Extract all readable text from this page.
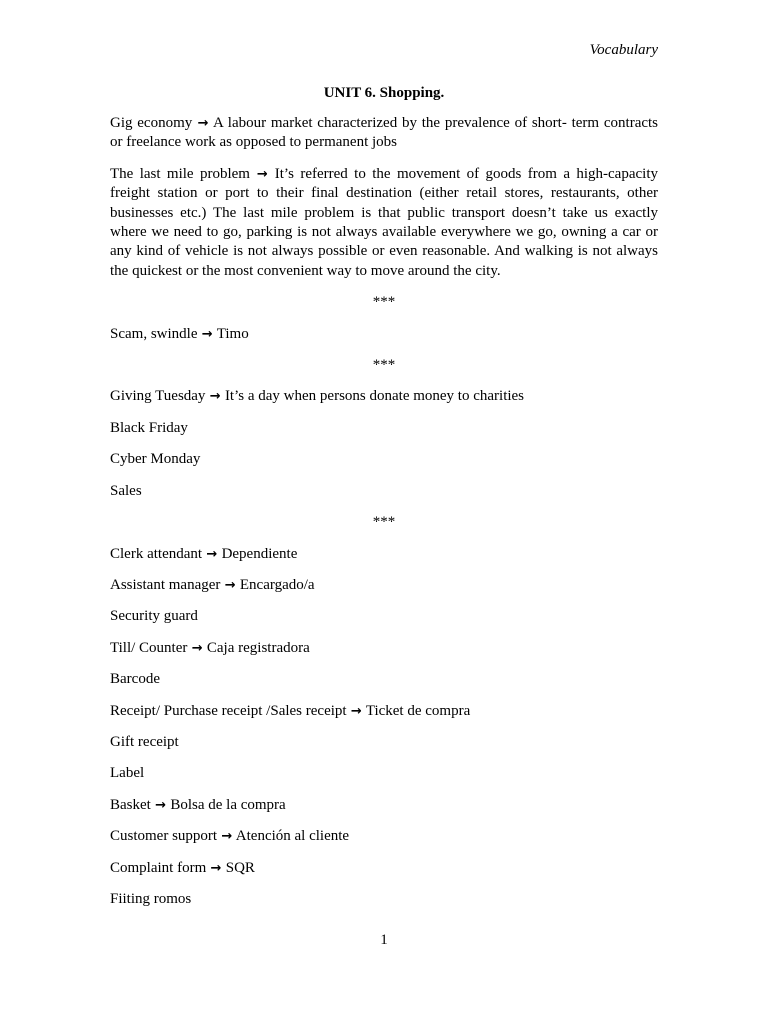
Vocabulary
UNIT 6. Shopping.

Gig economy → A labour market characterized by the prevalence of short- term contracts or freelance work as opposed to permanent jobs

The last mile problem → It’s referred to the movement of goods from a high-capacity freight station or port to their final destination (either retail stores, restaurants, other businesses etc.) The last mile problem is that public transport doesn’t take us exactly where we need to go, parking is not always available everywhere we go, owning a car or any kind of vehicle is not always possible or even reasonable. And walking is not always the quickest or the most convenient way to move around the city.

***

Scam, swindle → Timo

***

Giving Tuesday → It’s a day when persons donate money to charities

Black Friday

Cyber Monday

Sales

***

Clerk attendant → Dependiente

Assistant manager → Encargado/a

Security guard

Till/ Counter → Caja registradora

Barcode

Receipt/ Purchase receipt /Sales receipt → Ticket de compra

Gift receipt

Label

Basket → Bolsa de la compra

Customer support → Atención al cliente

Complaint form → SQR

Fiiting romos

1
